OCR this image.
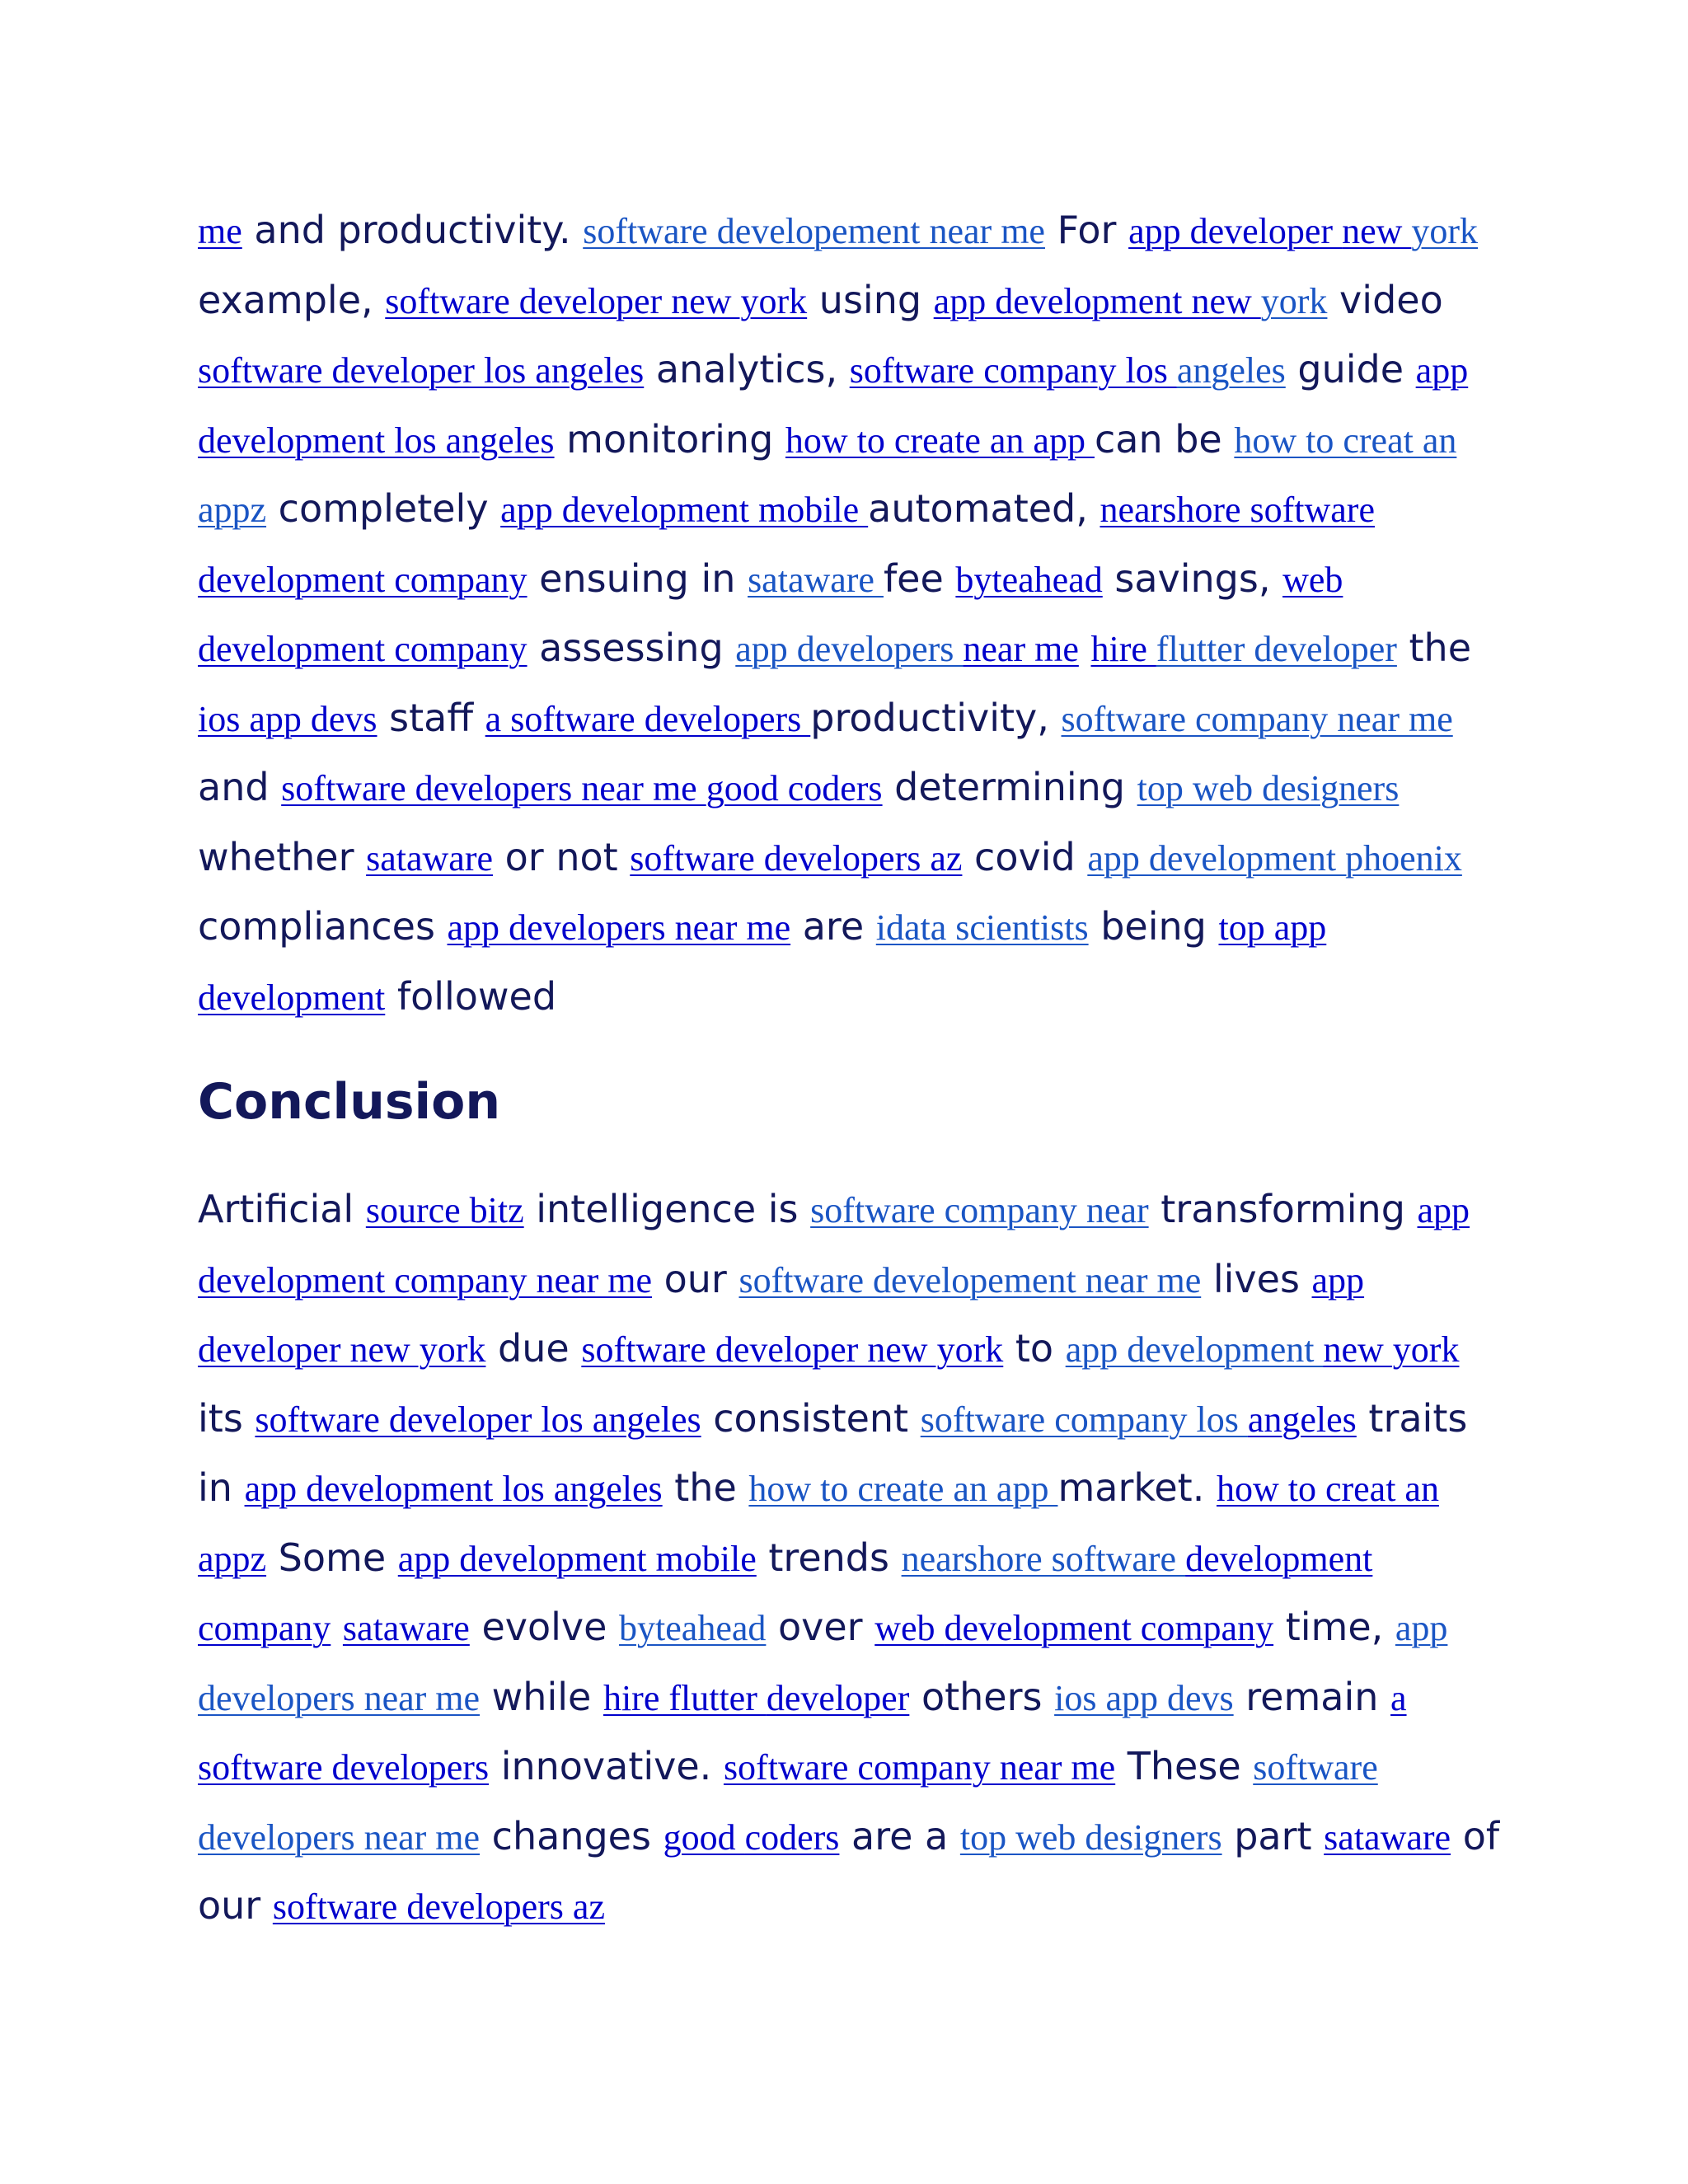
me and productivity. software developement near me For app developer new york example, software developer new york using app development new york video software developer los angeles analytics, software company los angeles guide app development los angeles monitoring how to create an app can be how to creat an appz completely app development mobile automated, nearshore software development company ensuing in sataware fee byteahead savings, web development company assessing app developers near me hire flutter developer the ios app devs staff a software developers productivity, software company near me and software developers near me good coders determining top web designers whether sataware or not software developers az covid app development phoenix compliances app developers near me are idata scientists being top app development followed

Conclusion

Artificial source bitz intelligence is software company near transforming app development company near me our software developement near me lives app developer new york due software developer new york to app development new york its software developer los angeles consistent software company los angeles traits in app development los angeles the how to create an app market. how to creat an appz Some app development mobile trends nearshore software development company sataware evolve byteahead over web development company time, app developers near me while hire flutter developer others ios app devs remain a software developers innovative. software company near me These software developers near me changes good coders are a top web designers part sataware of our software developers az
